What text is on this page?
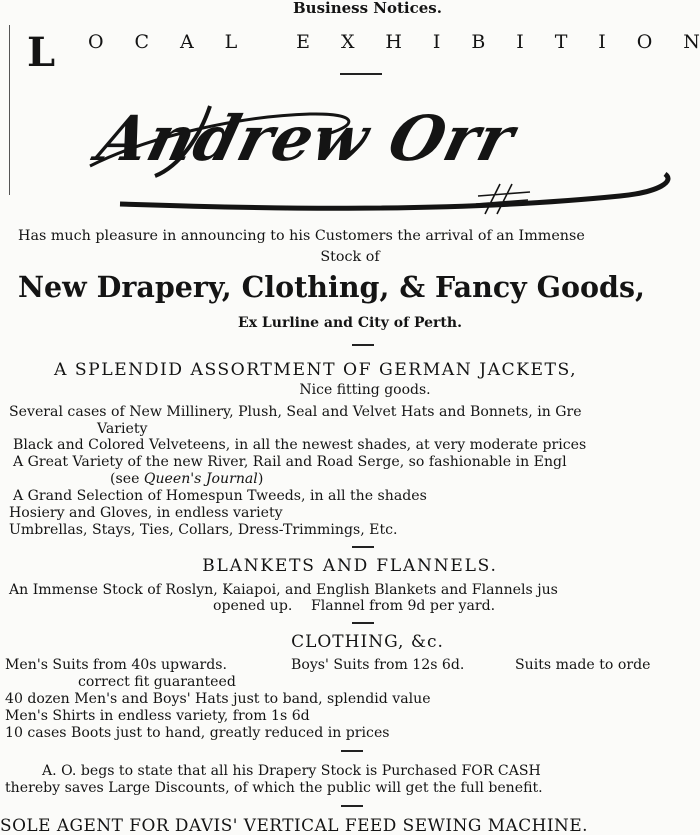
Business Notices.
L O C A L	E X H I B I T I O N
Andrew Orr
Has much pleasure in announcing to his Customers the arrival of an Immense
Stock of
New Drapery, Clothing, & Fancy Goods,
Ex Lurline and City of Perth.
A SPLENDID ASSORTMENT OF GERMAN JACKETS,
Nice fitting goods.
Several cases of New Millinery, Plush, Seal and Velvet Hats and Bonnets, in Gre
Variety
Black and Colored Velveteens, in all the newest shades, at very moderate prices
A Great Variety of the new River, Rail and Road Serge, so fashionable in Engl
(see Queen's Journal)
A Grand Selection of Homespun Tweeds, in all the shades
Hosiery and Gloves, in endless variety
Umbrellas, Stays, Ties, Collars, Dress-Trimmings, Etc.
BLANKETS AND FLANNELS.
An Immense Stock of Roslyn, Kaiapoi, and English Blankets and Flannels jus
opened up. Flannel from 9d per yard.
CLOTHING, &c.
Men's Suits from 40s upwards.	Boys' Suits from 12s 6d.	Suits made to orde
correct fit guaranteed
40 dozen Men's and Boys' Hats just to band, splendid value
Men's Shirts in endless variety, from 1s 6d
10 cases Boots just to hand, greatly reduced in prices
A. O. begs to state that all his Drapery Stock is Purchased FOR CASH
thereby saves Large Discounts, of which the public will get the full benefit.
SOLE AGENT FOR DAVIS' VERTICAL FEED SEWING MACHINE.
